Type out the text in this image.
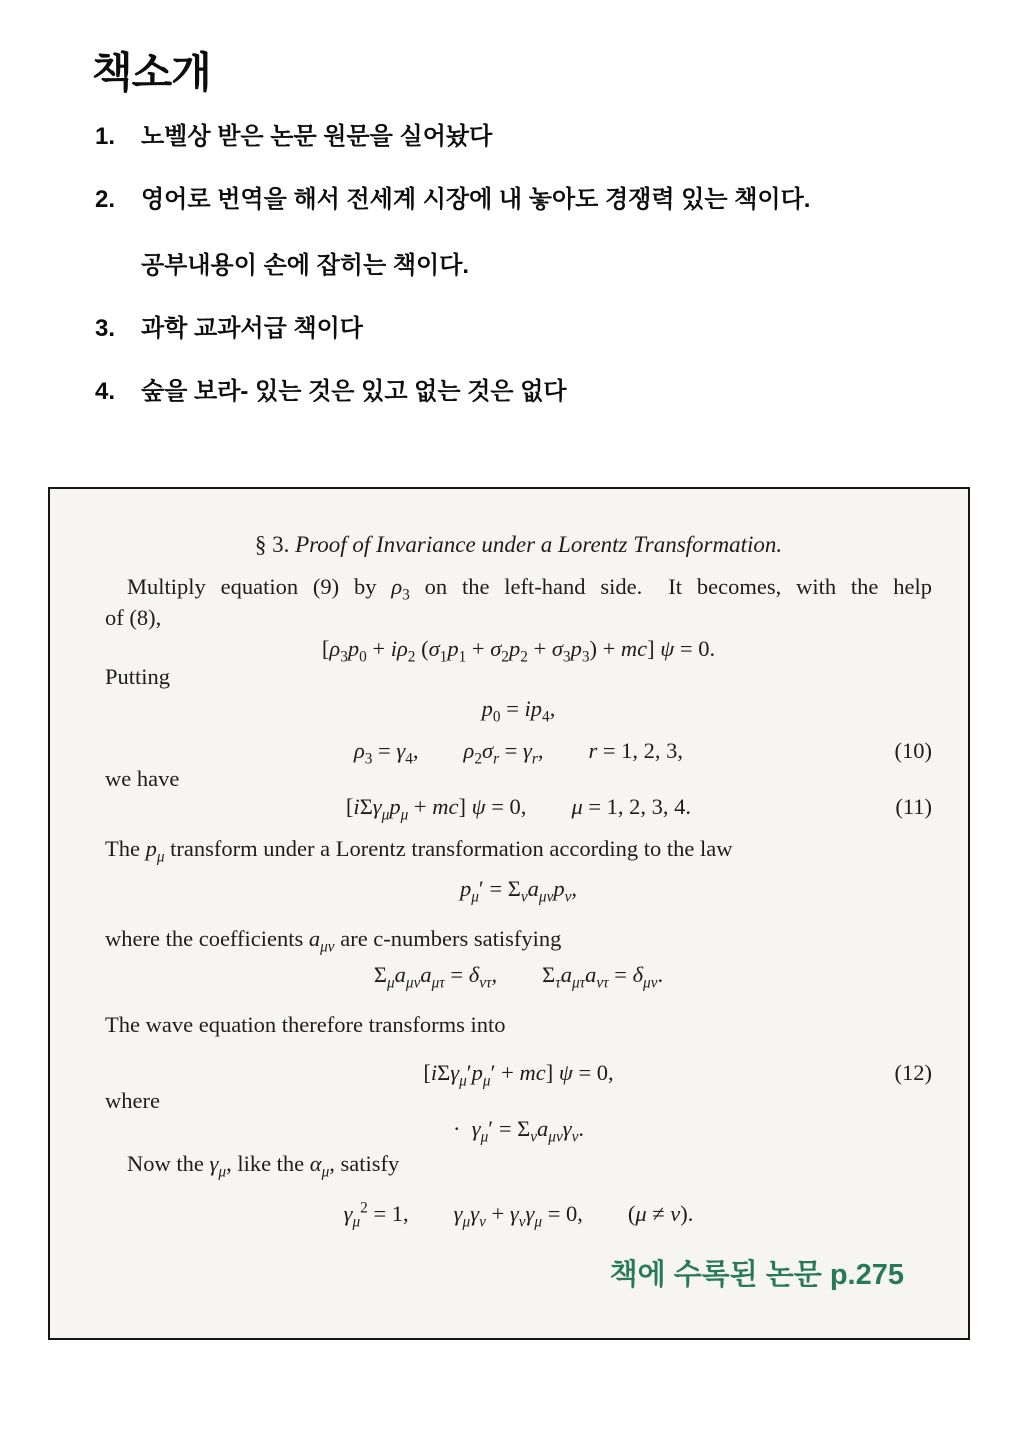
책소개
1.	노벨상 받은 논문 원문을 실어놨다
2.	영어로 번역을 해서 전세계 시장에 내 놓아도 경쟁력 있는 책이다.
공부내용이 손에 잡히는 책이다.
3.	과학 교과서급 책이다
4.	숲을 보라- 있는 것은 있고 없는 것은 없다
§ 3. Proof of Invariance under a Lorentz Transformation.
Multiply equation (9) by $\rho_3$ on the left-hand side.  It becomes, with the help
of (8),
[$\rho_3p_0 + i\rho_2$ $(\sigma_1p_1 + \sigma_2p_2 + \sigma_3p_3) + mc$] ψ = 0.
Putting
$p_0 = ip_4$,
$\rho_3 = \gamma_4$,  $\rho_2\sigma_r = \gamma_r$,  r = 1, 2, 3,	(10)
we have
$[i\Sigma\gamma_\mu p_\mu + mc] \psi = 0$,  μ = 1, 2, 3, 4.	(11)
The $p_\mu$ transform under a Lorentz transformation according to the law
$p_\mu' = \Sigma_\nu a_{\mu\nu}p_\nu$,
where the coefficients $a_{\mu\nu}$ are c-numbers satisfying
$\Sigma_\mu a_{\mu\nu}a_{\mu\tau} = \delta_{\nu\tau}$,  $\Sigma_\tau a_{\mu\tau}a_{\nu\tau} = \delta_{\mu\nu}$.
The wave equation therefore transforms into
$[i\Sigma\gamma_\mu'p_\mu' + mc] \psi = 0$,	(12)
where
· $\gamma_\mu' = \Sigma_\nu a_{\mu\nu}\gamma_\nu$.
Now the $\gamma_\mu$, like the $\alpha_\mu$, satisfy
$\gamma_\mu^2 = 1$,  $\gamma_\mu\gamma_\nu + \gamma_\nu\gamma_\mu = 0$,  (μ ≠ ν).
책에 수록된 논문 p.275
